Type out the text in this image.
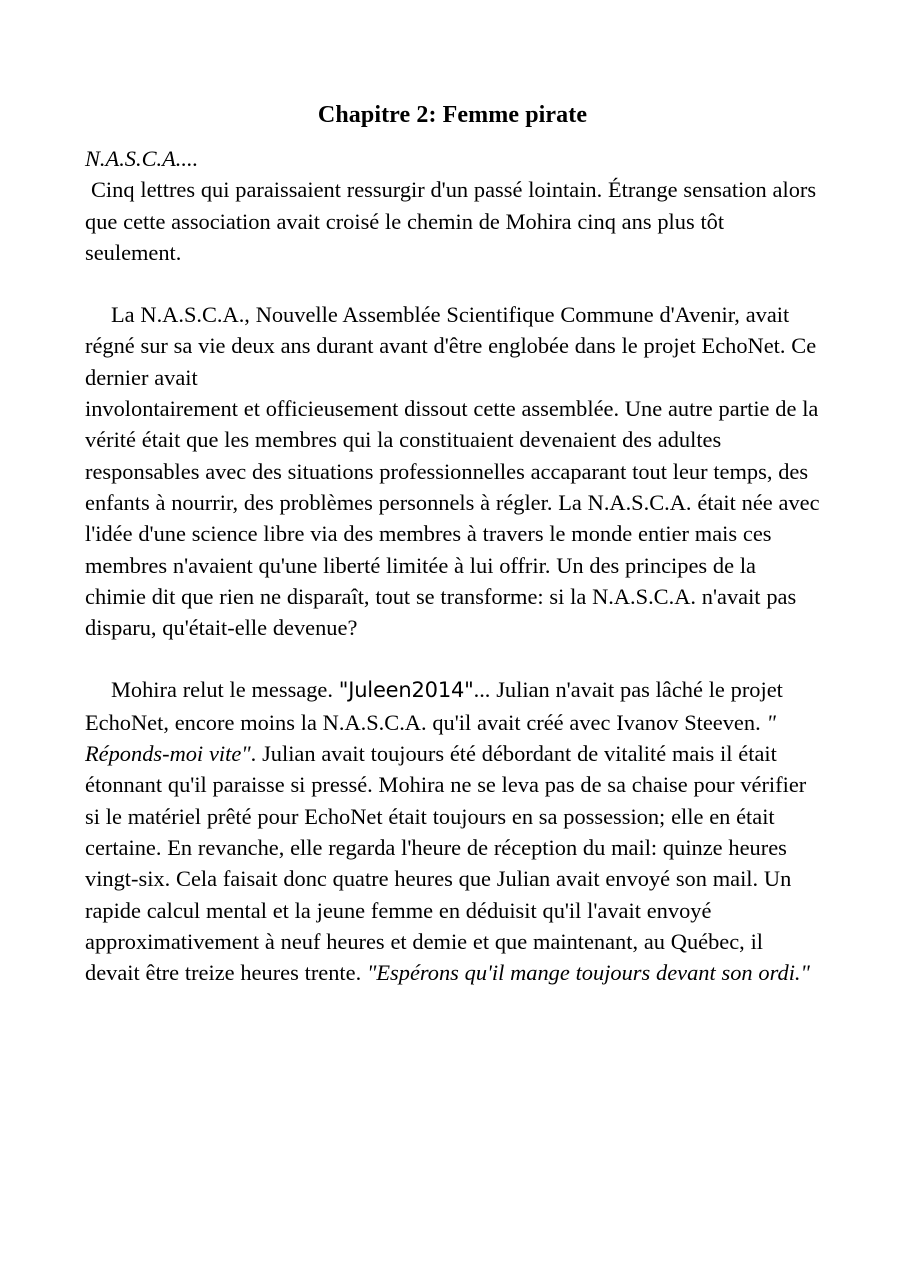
Chapitre 2: Femme pirate

N.A.S.C.A....
Cinq lettres qui paraissaient ressurgir d'un passé lointain. Étrange sensation alors que cette association avait croisé le chemin de Mohira cinq ans plus tôt seulement.

La N.A.S.C.A., Nouvelle Assemblée Scientifique Commune d'Avenir, avait régné sur sa vie deux ans durant avant d'être englobée dans le projet EchoNet. Ce dernier avait
involontairement et officieusement dissout cette assemblée. Une autre partie de la vérité était que les membres qui la constituaient devenaient des adultes responsables avec des situations professionnelles accaparant tout leur temps, des enfants à nourrir, des problèmes personnels à régler. La N.A.S.C.A. était née avec l'idée d'une science libre via des membres à travers le monde entier mais ces membres n'avaient qu'une liberté limitée à lui offrir. Un des principes de la chimie dit que rien ne disparaît, tout se transforme: si la N.A.S.C.A. n'avait pas disparu, qu'était-elle devenue?

Mohira relut le message. "Juleen2014"... Julian n'avait pas lâché le projet EchoNet, encore moins la N.A.S.C.A. qu'il avait créé avec Ivanov Steeven. " Réponds-moi vite". Julian avait toujours été débordant de vitalité mais il était étonnant qu'il paraisse si pressé. Mohira ne se leva pas de sa chaise pour vérifier si le matériel prêté pour EchoNet était toujours en sa possession; elle en était certaine. En revanche, elle regarda l'heure de réception du mail: quinze heures vingt-six. Cela faisait donc quatre heures que Julian avait envoyé son mail. Un rapide calcul mental et la jeune femme en déduisit qu'il l'avait envoyé approximativement à neuf heures et demie et que maintenant, au Québec, il devait être treize heures trente. "Espérons qu'il mange toujours devant son ordi."
